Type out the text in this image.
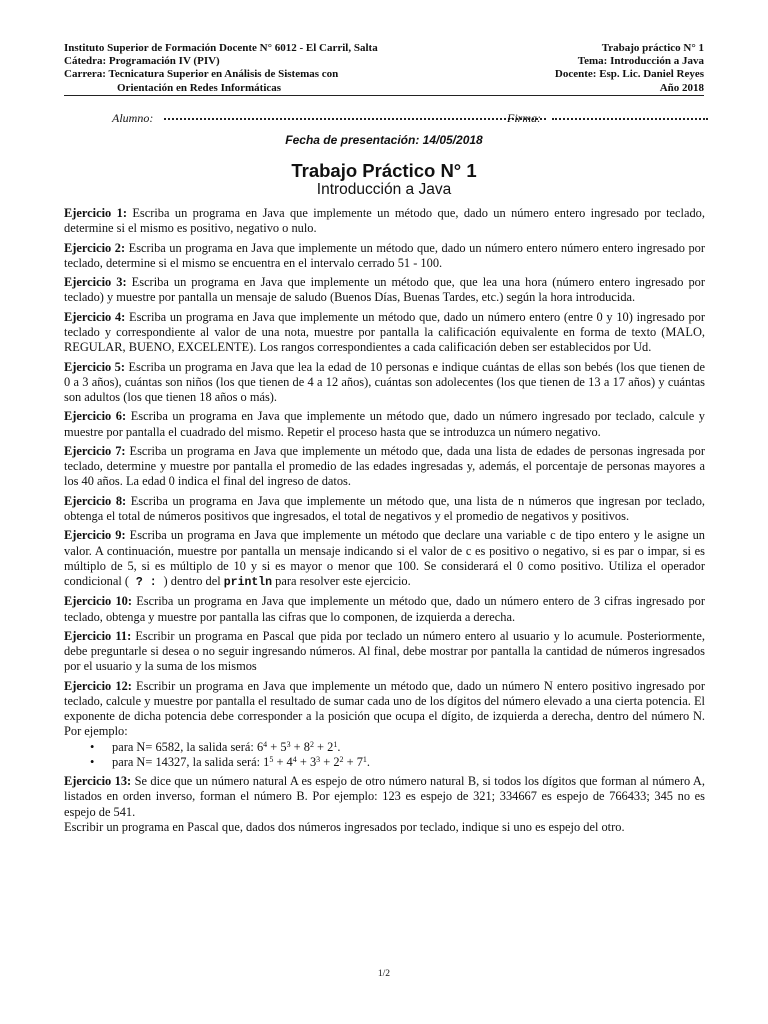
Instituto Superior de Formación Docente N° 6012 - El Carril, Salta
Cátedra: Programación IV (PIV)
Carrera: Tecnicatura Superior en Análisis de Sistemas con
Orientación en Redes Informáticas
Trabajo práctico N° 1
Tema: Introducción a Java
Docente: Esp. Lic. Daniel Reyes
Año 2018
Alumno:	Firma:
Fecha de presentación: 14/05/2018
Trabajo Práctico N° 1
Introducción a Java

Ejercicio 1: Escriba un programa en Java que implemente un método que, dado un número entero ingresado por teclado, determine si el mismo es positivo, negativo o nulo.

Ejercicio 2: Escriba un programa en Java que implemente un método que, dado un número entero número entero ingresado por teclado, determine si el mismo se encuentra en el intervalo cerrado 51 - 100.

Ejercicio 3: Escriba un programa en Java que implemente un método que, que lea una hora (número entero ingresado por teclado) y muestre por pantalla un mensaje de saludo (Buenos Días, Buenas Tardes, etc.) según la hora introducida.

Ejercicio 4: Escriba un programa en Java que implemente un método que, dado un número entero (entre 0 y 10) ingresado por teclado y correspondiente al valor de una nota, muestre por pantalla la calificación equivalente en forma de texto (MALO, REGULAR, BUENO, EXCELENTE). Los rangos correspondientes a cada calificación deben ser establecidos por Ud.

Ejercicio 5: Escriba un programa en Java que lea la edad de 10 personas e indique cuántas de ellas son bebés (los que tienen de 0 a 3 años), cuántas son niños (los que tienen de 4 a 12 años), cuántas son adolecentes (los que tienen de 13 a 17 años) y cuántas son adultos (los que tienen 18 años o más).

Ejercicio 6: Escriba un programa en Java que implemente un método que, dado un número ingresado por teclado, calcule y muestre por pantalla el cuadrado del mismo. Repetir el proceso hasta que se introduzca un número negativo.

Ejercicio 7: Escriba un programa en Java que implemente un método que, dada una lista de edades de personas ingresada por teclado, determine y muestre por pantalla el promedio de las edades ingresadas y, además, el porcentaje de personas mayores a los 40 años. La edad 0 indica el final del ingreso de datos.

Ejercicio 8: Escriba un programa en Java que implemente un método que, una lista de n números que ingresan por teclado, obtenga el total de números positivos que ingresados, el total de negativos y el promedio de negativos y positivos.

Ejercicio 9: Escriba un programa en Java que implemente un método que declare una variable c de tipo entero y le asigne un valor. A continuación, muestre por pantalla un mensaje indicando si el valor de c es positivo o negativo, si es par o impar, si es múltiplo de 5, si es múltiplo de 10 y si es mayor o menor que 100. Se considerará el 0 como positivo. Utiliza el operador condicional ( ? : ) dentro del println para resolver este ejercicio.

Ejercicio 10: Escriba un programa en Java que implemente un método que, dado un número entero de 3 cifras ingresado por teclado, obtenga y muestre por pantalla las cifras que lo componen, de izquierda a derecha.

Ejercicio 11: Escribir un programa en Pascal que pida por teclado un número entero al usuario y lo acumule. Posteriormente, debe preguntarle si desea o no seguir ingresando números. Al final, debe mostrar por pantalla la cantidad de números ingresados por el usuario y la suma de los mismos

Ejercicio 12: Escribir un programa en Java que implemente un método que, dado un número N entero positivo ingresado por teclado, calcule y muestre por pantalla el resultado de sumar cada uno de los dígitos del número elevado a una cierta potencia. El exponente de dicha potencia debe corresponder a la posición que ocupa el dígito, de izquierda a derecha, dentro del número N. Por ejemplo:
• para N= 6582, la salida será: $6^4 + 5^3 + 8^2 + 2^1$.
• para N= 14327, la salida será: $1^5 + 4^4 + 3^3 + 2^2 + 7^1$.
Ejercicio 13: Se dice que un número natural A es espejo de otro número natural B, si todos los dígitos que forman al número A, listados en orden inverso, forman el número B. Por ejemplo: 123 es espejo de 321; 334667 es espejo de 766433; 345 no es espejo de 541.
Escribir un programa en Pascal que, dados dos números ingresados por teclado, indique si uno es espejo del otro.
1/2
